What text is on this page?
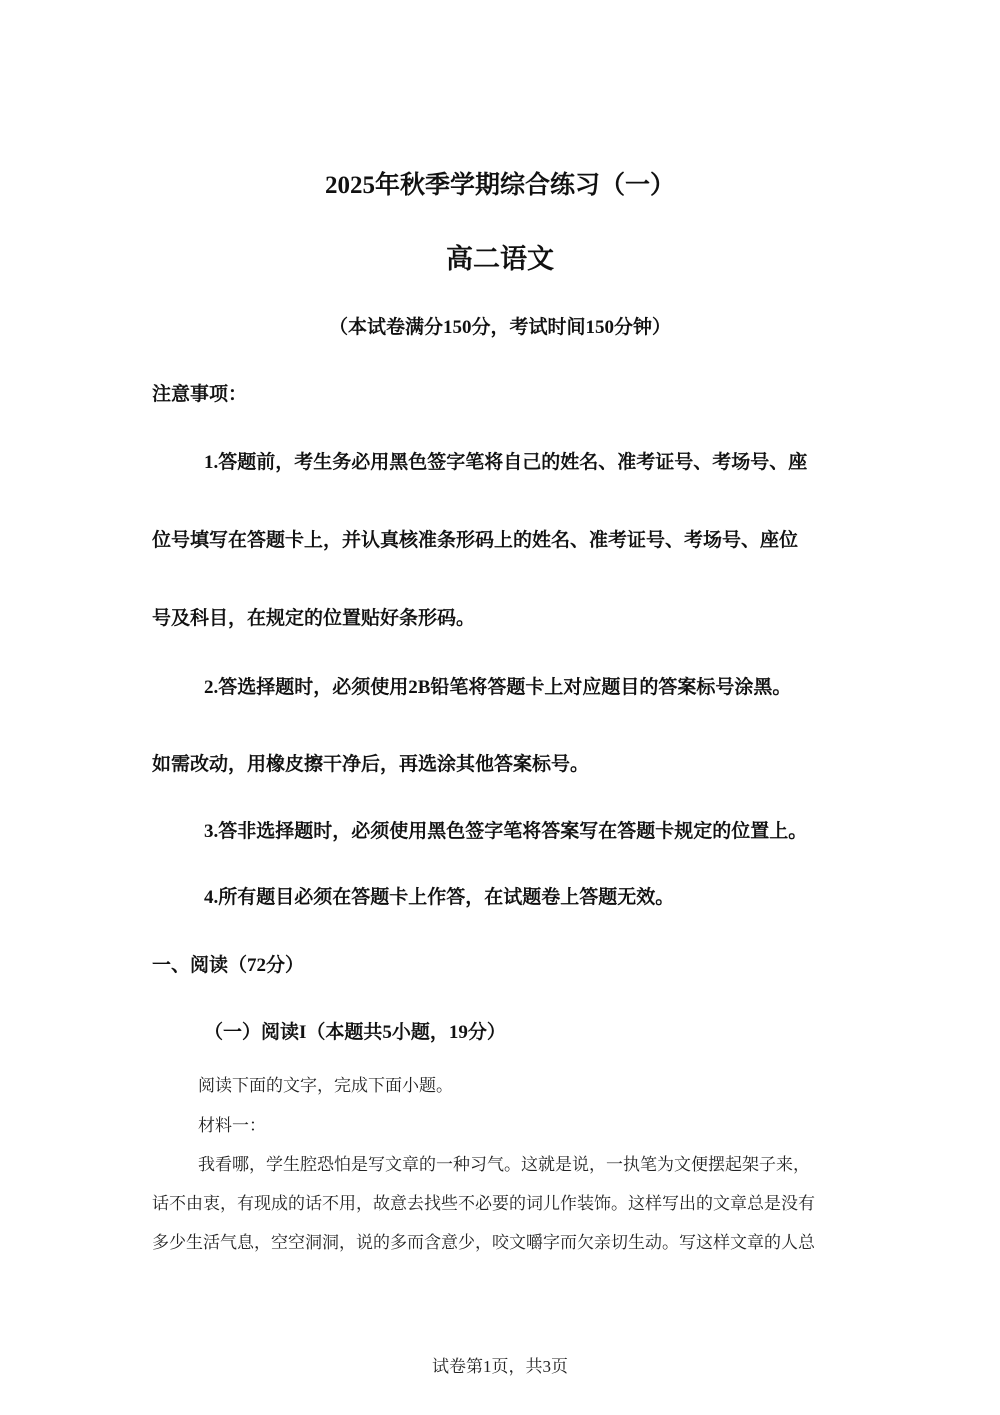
2025年秋季学期综合练习（一）
高二语文
（本试卷满分150分，考试时间150分钟）
注意事项：
1.答题前，考生务必用黑色签字笔将自己的姓名、准考证号、考场号、座
位号填写在答题卡上，并认真核准条形码上的姓名、准考证号、考场号、座位
号及科目，在规定的位置贴好条形码。
2.答选择题时，必须使用2B铅笔将答题卡上对应题目的答案标号涂黑。
如需改动，用橡皮擦干净后，再选涂其他答案标号。
3.答非选择题时，必须使用黑色签字笔将答案写在答题卡规定的位置上。
4.所有题目必须在答题卡上作答，在试题卷上答题无效。
一、阅读（72分）
（一）阅读I（本题共5小题，19分）
阅读下面的文字，完成下面小题。
材料一：
我看哪，学生腔恐怕是写文章的一种习气。这就是说，一执笔为文便摆起架子来，
话不由衷，有现成的话不用，故意去找些不必要的词儿作装饰。这样写出的文章总是没有
多少生活气息，空空洞洞，说的多而含意少，咬文嚼字而欠亲切生动。写这样文章的人总
试卷第1页，共3页
